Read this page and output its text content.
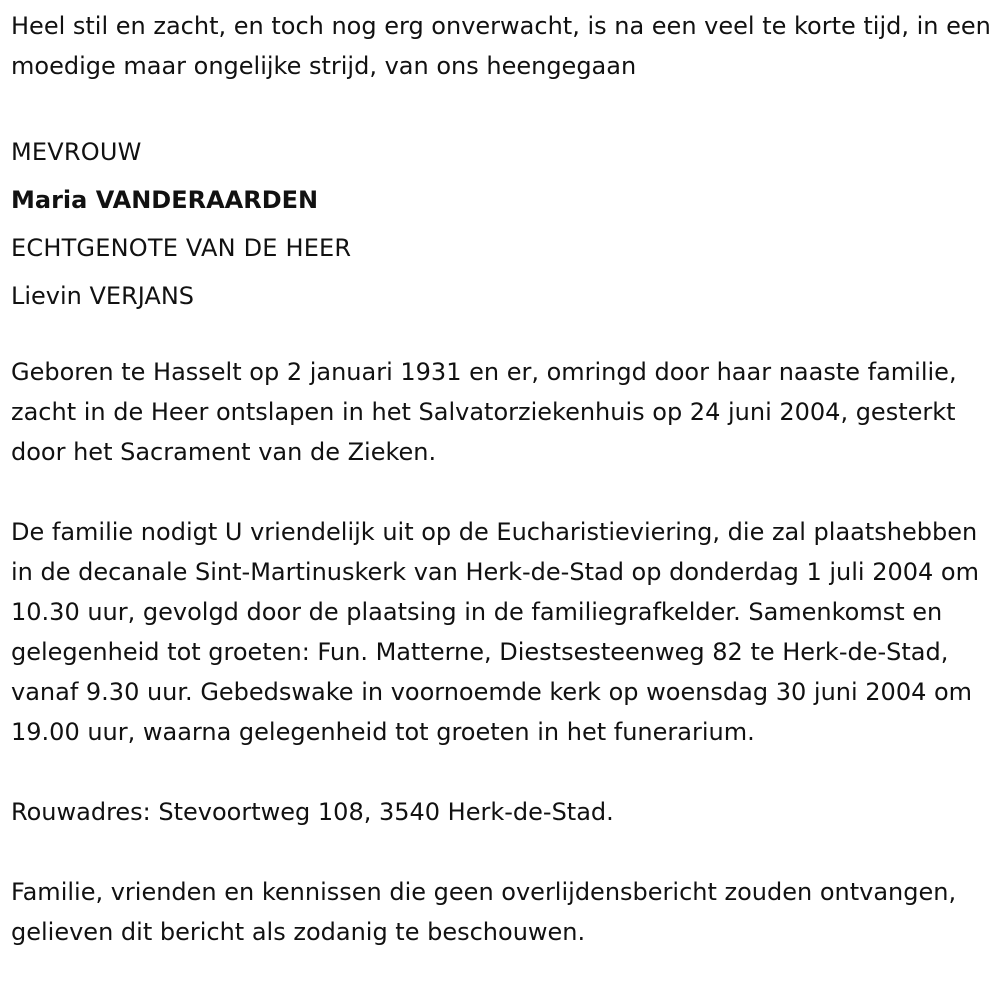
Heel stil en zacht, en toch nog erg onverwacht, is na een veel te korte tijd, in een moedige maar ongelijke strijd, van ons heengegaan

MEVROUW
Maria VANDERAARDEN
ECHTGENOTE VAN DE HEER
Lievin VERJANS

Geboren te Hasselt op 2 januari 1931 en er, omringd door haar naaste familie, zacht in de Heer ontslapen in het Salvatorziekenhuis op 24 juni 2004, gesterkt door het Sacrament van de Zieken.

De familie nodigt U vriendelijk uit op de Eucharistieviering, die zal plaatshebben in de decanale Sint-Martinuskerk van Herk-de-Stad op donderdag 1 juli 2004 om 10.30 uur, gevolgd door de plaatsing in de familiegrafkelder. Samenkomst en gelegenheid tot groeten: Fun. Matterne, Diestsesteenweg 82 te Herk-de-Stad, vanaf 9.30 uur. Gebedswake in voornoemde kerk op woensdag 30 juni 2004 om 19.00 uur, waarna gelegenheid tot groeten in het funerarium.

Rouwadres: Stevoortweg 108, 3540 Herk-de-Stad.

Familie, vrienden en kennissen die geen overlijdensbericht zouden ontvangen, gelieven dit bericht als zodanig te beschouwen.
